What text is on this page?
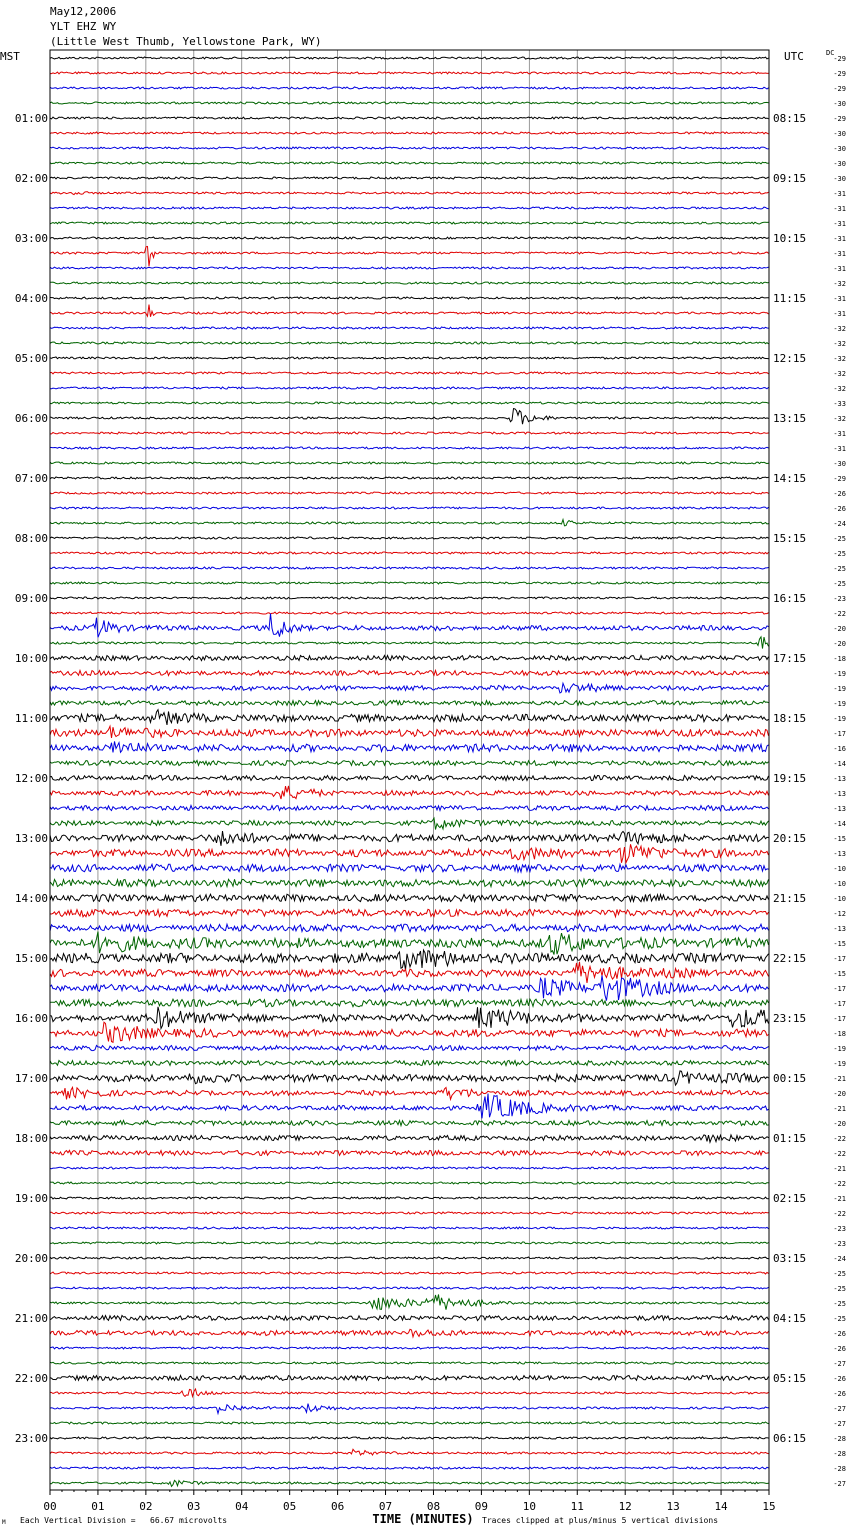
01:00
02:00
03:00
04:00
05:00
06:00
07:00
08:00
09:00
10:00
11:00
12:00
13:00
14:00
15:00
16:00
17:00
18:00
19:00
20:00
21:00
22:00
23:00
08:15
09:15
10:15
11:15
12:15
13:15
14:15
15:15
16:15
17:15
18:15
19:15
20:15
21:15
22:15
23:15
00:15
01:15
02:15
03:15
04:15
05:15
06:15
-29
-29
-29
-30
-29
-30
-30
-30
-30
-31
-31
-31
-31
-31
-31
-32
-31
-31
-32
-32
-32
-32
-32
-33
-32
-31
-31
-30
-29
-26
-26
-24
-25
-25
-25
-25
-23
-22
-20
-20
-18
-19
-19
-19
-19
-17
-16
-14
-13
-13
-13
-14
-15
-13
-10
-10
-10
-12
-13
-15
-17
-15
-17
-17
-17
-18
-19
-19
-21
-20
-21
-20
-22
-22
-21
-22
-21
-22
-23
-23
-24
-25
-25
-25
-25
-26
-26
-27
-26
-26
-27
-27
-28
-28
-28
-27
00	01	02	03	04	05	06	07	08	09	10	11	12	13	14	15
TIME (MINUTES)
May12,2006
YLT EHZ WY
(Little West Thumb, Yellowstone Park, WY)
MST	UTC	DC
M Each Vertical Division =   66.67 microvolts	Traces clipped at plus/minus 5 vertical divisions
